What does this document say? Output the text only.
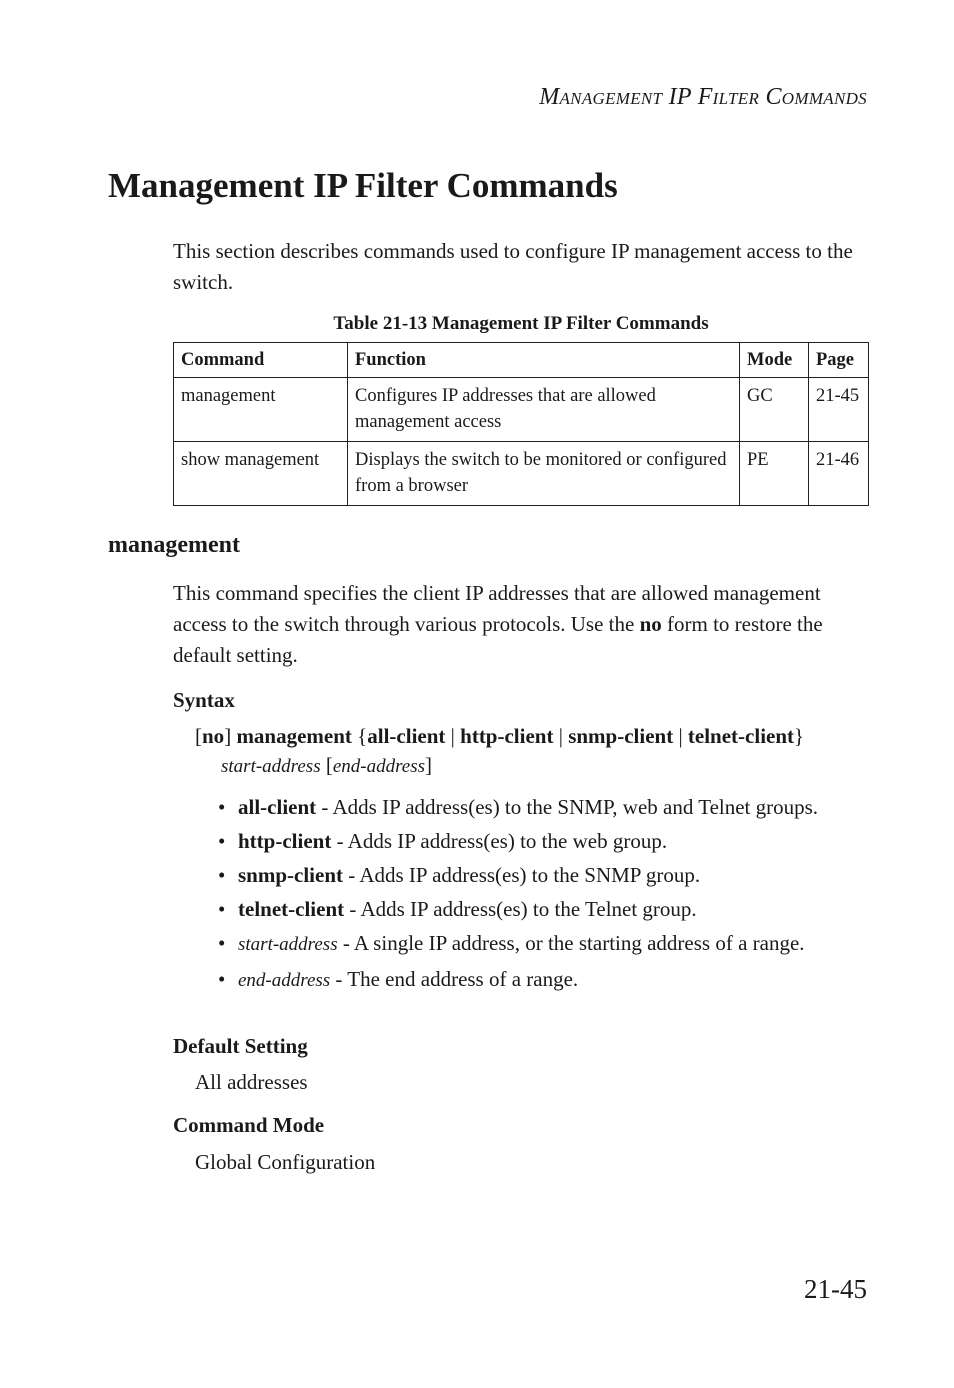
Management IP Filter Commands
Management IP Filter Commands

This section describes commands used to configure IP management access to the switch.

Table 21-13 Management IP Filter Commands
Command	Function	Mode	Page
management	Configures IP addresses that are allowed management access	GC	21-45
show management	Displays the switch to be monitored or configured from a browser	PE	21-46
management

This command specifies the client IP addresses that are allowed management access to the switch through various protocols. Use the no form to restore the default setting.

Syntax
[no] management {all-client | http-client | snmp-client | telnet-client} start-address [end-address]
• all-client - Adds IP address(es) to the SNMP, web and Telnet groups.
• http-client - Adds IP address(es) to the web group.
• snmp-client - Adds IP address(es) to the SNMP group.
• telnet-client - Adds IP address(es) to the Telnet group.
• start-address - A single IP address, or the starting address of a range.
• end-address - The end address of a range.
Default Setting

All addresses

Command Mode

Global Configuration

21-45
